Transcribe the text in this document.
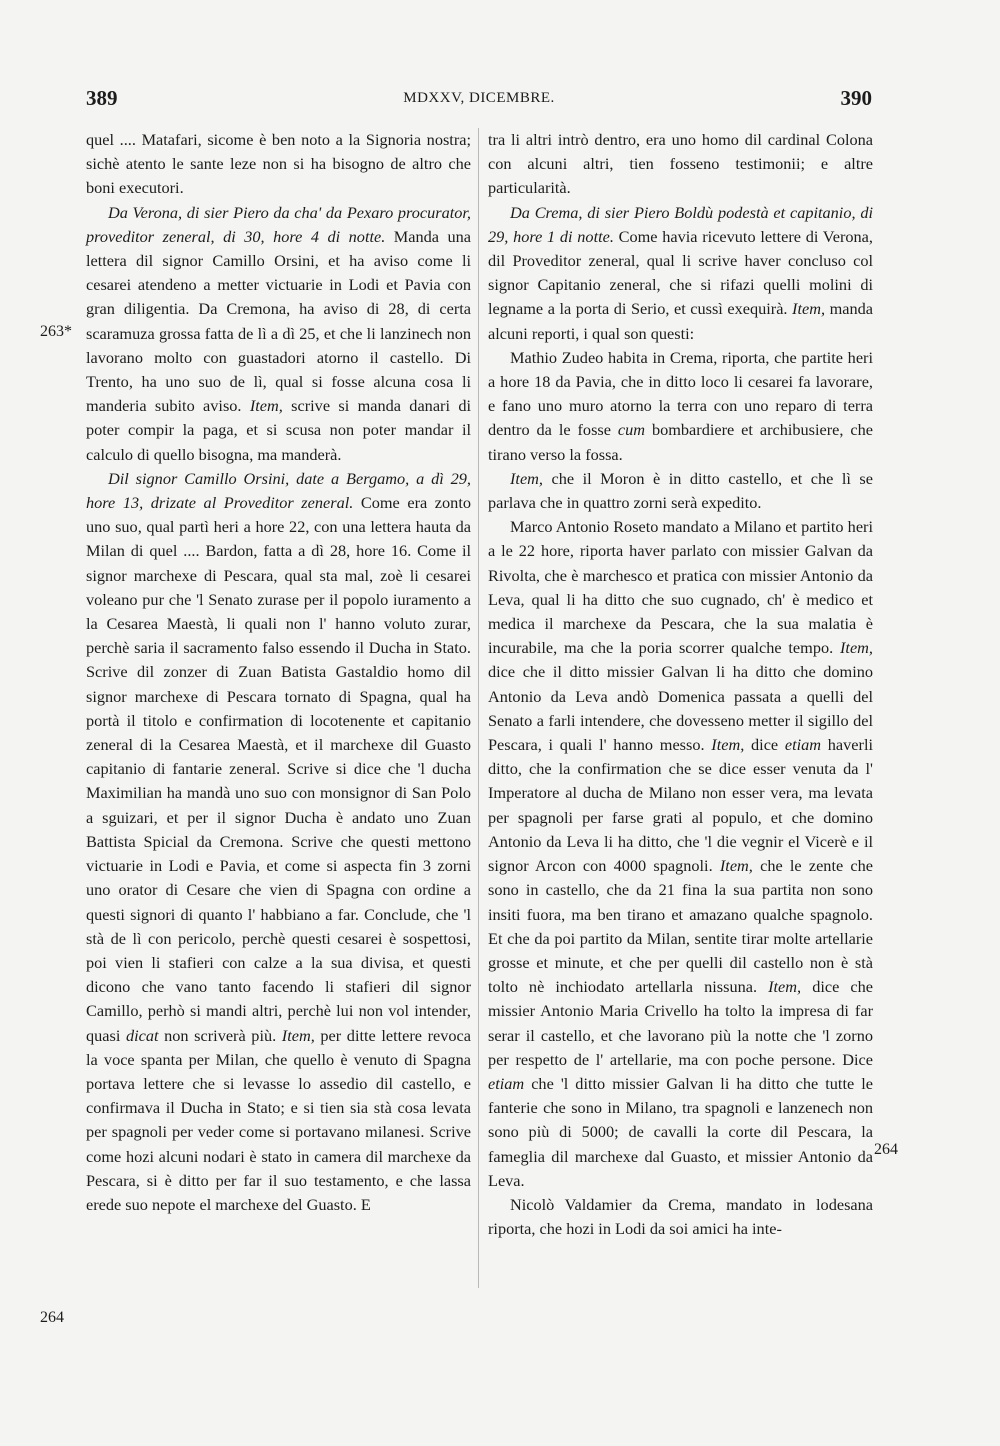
389	MDXXV, DICEMBRE.	390
263*
264
264

quel .... Matafari, sicome è ben noto a la Signoria nostra; sichè atento le sante leze non si ha bisogno de altro che boni executori.

Da Verona, di sier Piero da cha' da Pexaro procurator, proveditor zeneral, di 30, hore 4 di notte. Manda una lettera dil signor Camillo Orsini, et ha aviso come li cesarei atendeno a metter victuarie in Lodi et Pavia con gran diligentia. Da Cremona, ha aviso di 28, di certa scaramuza grossa fatta de lì a dì 25, et che li lanzinech non lavorano molto con guastadori atorno il castello. Di Trento, ha uno suo de lì, qual si fosse alcuna cosa li manderia subito aviso. Item, scrive si manda danari di poter compir la paga, et si scusa non poter mandar il calculo di quello bisogna, ma manderà.

Dil signor Camillo Orsini, date a Bergamo, a dì 29, hore 13, drizate al Proveditor zeneral. Come era zonto uno suo, qual partì heri a hore 22, con una lettera hauta da Milan di quel .... Bardon, fatta a dì 28, hore 16. Come il signor marchexe di Pescara, qual sta mal, zoè li cesarei voleano pur che 'l Senato zurase per il popolo iuramento a la Cesarea Maestà, li quali non l' hanno voluto zurar, perchè saria il sacramento falso essendo il Ducha in Stato. Scrive dil zonzer di Zuan Batista Gastaldio homo dil signor marchexe di Pescara tornato di Spagna, qual ha portà il titolo e confirmation di locotenente et capitanio zeneral di la Cesarea Maestà, et il marchexe dil Guasto capitanio di fantarie zeneral. Scrive si dice che 'l ducha Maximilian ha mandà uno suo con monsignor di San Polo a sguizari, et per il signor Ducha è andato uno Zuan Battista Spicial da Cremona. Scrive che questi mettono victuarie in Lodi e Pavia, et come si aspecta fin 3 zorni uno orator di Cesare che vien di Spagna con ordine a questi signori di quanto l' habbiano a far. Conclude, che 'l stà de lì con pericolo, perchè questi cesarei è sospettosi, poi vien li stafieri con calze a la sua divisa, et questi dicono che vano tanto facendo li stafieri dil signor Camillo, perhò si mandi altri, perchè lui non vol intender, quasi dicat non scriverà più. Item, per ditte lettere revoca la voce spanta per Milan, che quello è venuto di Spagna portava lettere che si levasse lo assedio dil castello, e confirmava il Ducha in Stato; e si tien sia stà cosa levata per spagnoli per veder come si portavano milanesi. Scrive come hozi alcuni nodari è stato in camera dil marchexe da Pescara, si è ditto per far il suo testamento, e che lassa erede suo nepote el marchexe del Guasto. E

tra li altri intrò dentro, era uno homo dil cardinal Colona con alcuni altri, tien fosseno testimonii; e altre particularità.

Da Crema, di sier Piero Boldù podestà et capitanio, di 29, hore 1 di notte. Come havia ricevuto lettere di Verona, dil Proveditor zeneral, qual li scrive haver concluso col signor Capitanio zeneral, che si rifazi quelli molini di legname a la porta di Serio, et cussì exequirà. Item, manda alcuni reporti, i qual son questi:

Mathio Zudeo habita in Crema, riporta, che partite heri a hore 18 da Pavia, che in ditto loco li cesarei fa lavorare, e fano uno muro atorno la terra con uno reparo di terra dentro da le fosse cum bombardiere et archibusiere, che tirano verso la fossa.

Item, che il Moron è in ditto castello, et che lì se parlava che in quattro zorni serà expedito.

Marco Antonio Roseto mandato a Milano et partito heri a le 22 hore, riporta haver parlato con missier Galvan da Rivolta, che è marchesco et pratica con missier Antonio da Leva, qual li ha ditto che suo cugnado, ch' è medico et medica il marchexe da Pescara, che la sua malatia è incurabile, ma che la poria scorrer qualche tempo. Item, dice che il ditto missier Galvan li ha ditto che domino Antonio da Leva andò Domenica passata a quelli del Senato a farli intendere, che dovesseno metter il sigillo del Pescara, i quali l' hanno messo. Item, dice etiam haverli ditto, che la confirmation che se dice esser venuta da l' Imperatore al ducha de Milano non esser vera, ma levata per spagnoli per farse grati al populo, et che domino Antonio da Leva li ha ditto, che 'l die vegnir el Vicerè e il signor Arcon con 4000 spagnoli. Item, che le zente che sono in castello, che da 21 fina la sua partita non sono insiti fuora, ma ben tirano et amazano qualche spagnolo. Et che da poi partito da Milan, sentite tirar molte artellarie grosse et minute, et che per quelli dil castello non è stà tolto nè inchiodato artellarla nissuna. Item, dice che missier Antonio Maria Crivello ha tolto la impresa di far serar il castello, et che lavorano più la notte che 'l zorno per respetto de l' artellarie, ma con poche persone. Dice etiam che 'l ditto missier Galvan li ha ditto che tutte le fanterie che sono in Milano, tra spagnoli e lanzenech non sono più di 5000; de cavalli la corte dil Pescara, la fameglia dil marchexe dal Guasto, et missier Antonio da Leva.

Nicolò Valdamier da Crema, mandato in lodesana riporta, che hozi in Lodi da soi amici ha inte-
